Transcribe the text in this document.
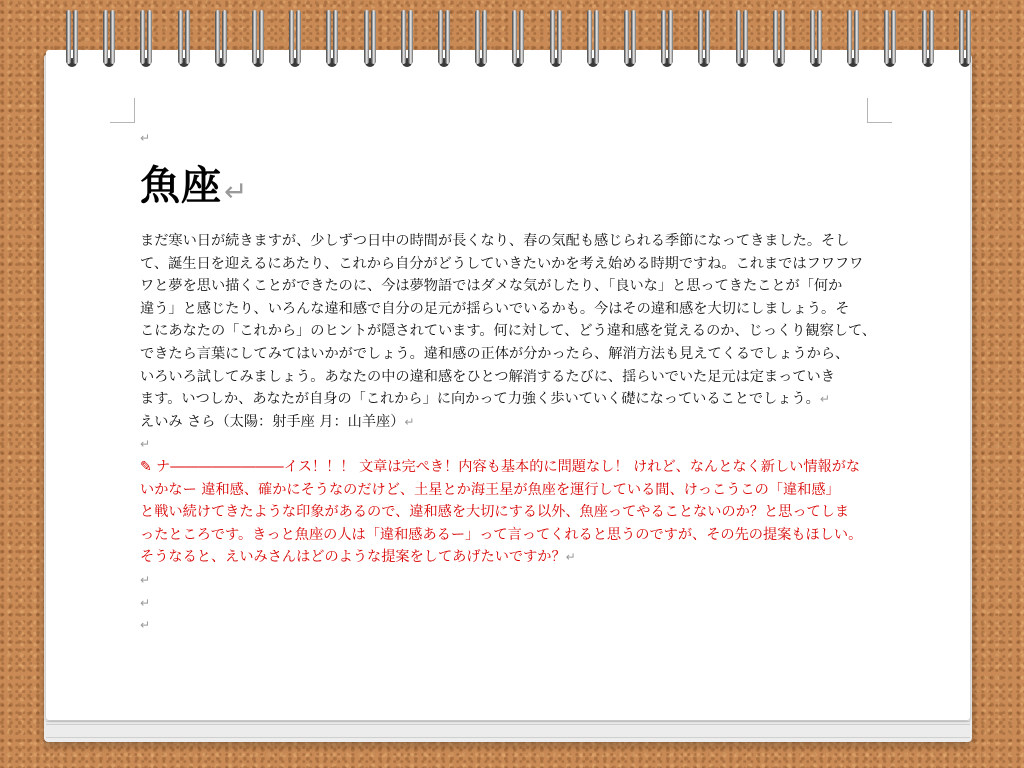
↵
魚座 ↵
まだ寒い日が続きますが、少しずつ日中の時間が長くなり、春の気配も感じられる季節になってきました。そし
て、誕生日を迎えるにあたり、これから自分がどうしていきたいかを考え始める時期ですね。これまではフワフワ
ワと夢を思い描くことができたのに、今は夢物語ではダメな気がしたり、「良いな」と思ってきたことが「何か
違う」と感じたり、いろんな違和感で自分の足元が揺らいでいるかも。今はその違和感を大切にしましょう。そ
こにあなたの「これから」のヒントが隠されています。何に対して、どう違和感を覚えるのか、じっくり観察して、
できたら言葉にしてみてはいかがでしょう。違和感の正体が分かったら、解消方法も見えてくるでしょうから、
いろいろ試してみましょう。あなたの中の違和感をひとつ解消するたびに、揺らいでいた足元は定まっていき
ます。いつしか、あなたが自身の「これから」に向かって力強く歩いていく礎になっていることでしょう。↵
えいみ さら（太陽：射手座 月：山羊座）↵
↵
✎ ナ――――――――イス！！！ 文章は完ぺき！内容も基本的に問題なし！ けれど、なんとなく新しい情報がな
いかなー 違和感、確かにそうなのだけど、土星とか海王星が魚座を運行している間、けっこうこの「違和感」
と戦い続けてきたような印象があるので、違和感を大切にする以外、魚座ってやることないのか？と思ってしま
ったところです。きっと魚座の人は「違和感あるー」って言ってくれると思うのですが、その先の提案もほしい。
そうなると、えいみさんはどのような提案をしてあげたいですか？↵
↵
↵
↵
